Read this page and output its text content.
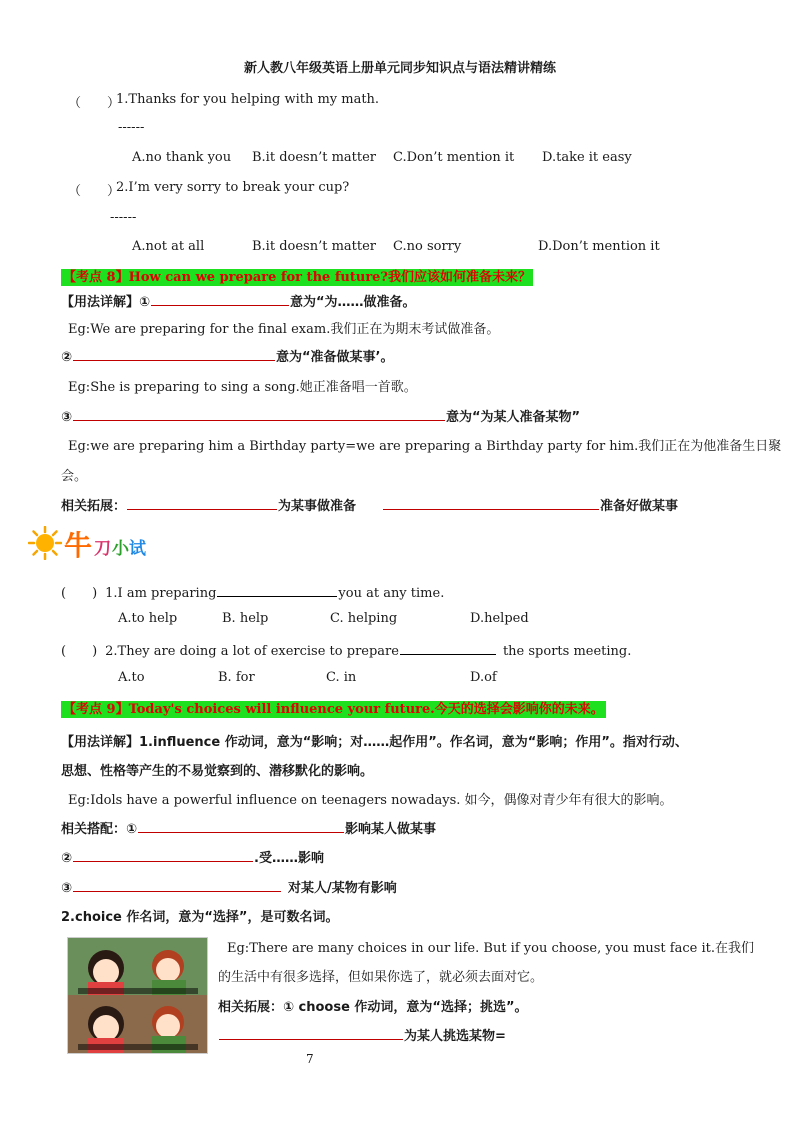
新人教八年级英语上册单元同步知识点与语法精讲精练
（　　）
1.Thanks for you helping with my math.
------
A.no thank you B.it doesn’t matter C.Don’t mention it D.take it easy
（　　）
2.I’m very sorry to break your cup?
------
A.not at all	B.it doesn’t matter C.no sorry	D.Don’t mention it
【考点 8】How can we prepare for the future?我们应该如何准备未来？
【用法详解】①	意为“为……做准备。
Eg:We are preparing for the final exam.我们正在为期末考试做准备。
②	意为“准备做某事’。
Eg:She is preparing to sing a song.她正准备唱一首歌。
③	意为“为某人准备某物”
Eg:we are preparing him a Birthday party=we are preparing a Birthday party for him.我们正在为他准备生日聚
会。
相关拓展：	为某事做准备	准备好做某事
牛 刀 小 试
(　　) 1.I am preparing	you at any time.
A.to help	B. help	C. helping	D.helped
(　　) 2.They are doing a lot of exercise to prepare	the sports meeting.
A.to	B. for	C. in	D.of
【考点 9】Today's choices will influence your future.今天的选择会影响你的未来。
【用法详解】1.influence 作动词，意为“影响；对……起作用”。作名词，意为“影响；作用”。指对行动、
思想、性格等产生的不易觉察到的、潜移默化的影响。
Eg:Idols have a powerful influence on teenagers nowadays. 如今，偶像对青少年有很大的影响。
相关搭配：①	影响某人做某事
②	.受……影响
③	对某人/某物有影响
2.choice 作名词，意为“选择”，是可数名词。
Eg:There are many choices in our life. But if you choose, you must face it.在我们
的生活中有很多选择，但如果你选了，就必须去面对它。
相关拓展：① choose 作动词，意为“选择；挑选”。
为某人挑选某物=
7
